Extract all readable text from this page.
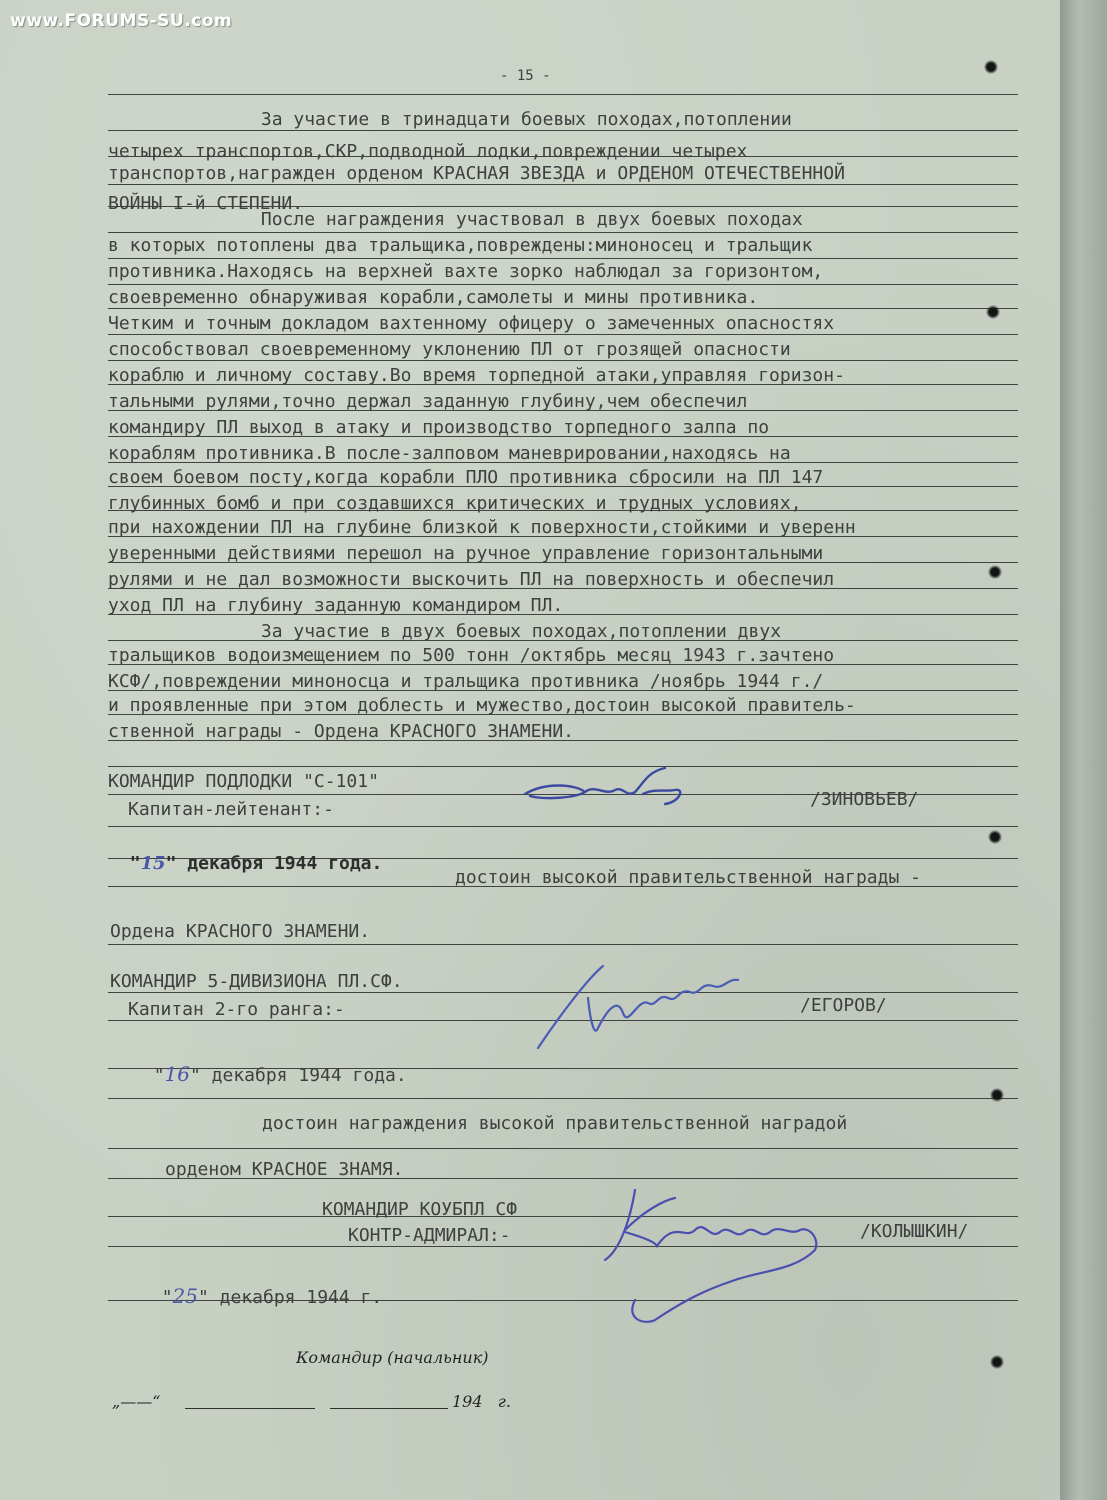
www.FORUMS-SU.com
- 15 -
За участие в тринадцати боевых походах,потоплении
четырех транспортов,СКР,подводной лодки,повреждении четырех
транспортов,награжден орденом КРАСНАЯ ЗВЕЗДА и ОРДЕНОМ ОТЕЧЕСТВЕННОЙ
ВОЙНЫ I-й СТЕПЕНИ.
После награждения участвовал в двух боевых походах
в которых потоплены два тральщика,повреждены:миноносец и тральщик
противника.Находясь на верхней вахте зорко наблюдал за горизонтом,
своевременно обнаруживая корабли,самолеты и мины противника.
Четким и точным докладом вахтенному офицеру о замеченных опасностях
способствовал своевременному уклонению ПЛ от грозящей опасности
кораблю и личному составу.Во время торпедной атаки,управляя горизон-
тальными рулями,точно держал заданную глубину,чем обеспечил
командиру ПЛ выход в атаку и производство торпедного залпа по
кораблям противника.В после-залповом маневрировании,находясь на
своем боевом посту,когда корабли ПЛО противника сбросили на ПЛ 147
глубинных бомб и при создавшихся критических и трудных условиях,
при нахождении ПЛ на глубине близкой к поверхности,стойкими и уверенн
уверенными действиями перешол на ручное управление горизонтальными
рулями и не дал возможности выскочить ПЛ на поверхность и обеспечил
уход ПЛ на глубину заданную командиром ПЛ.
За участие в двух боевых походах,потоплении двух
тральщиков водоизмещением по 500 тонн /октябрь месяц 1943 г.зачтено
КСФ/,повреждении миноносца и тральщика противника /ноябрь 1944 г./
и проявленные при этом доблесть и мужество,достоин высокой правитель-
ственной награды - Ордена КРАСНОГО ЗНАМЕНИ.
КОМАНДИР ПОДЛОДКИ "С-101"
Капитан-лейтенант:-	/ЗИНОВЬЕВ/

"15" декабря 1944 года.

достоин высокой правительственной награды -
Ордена КРАСНОГО ЗНАМЕНИ.
КОМАНДИР 5-ДИВИЗИОНА ПЛ.СФ.
Капитан 2-го ранга:-	/ЕГОРОВ/

"16" декабря 1944 года.

достоин награждения высокой правительственной наградой
орденом КРАСНОЕ ЗНАМЯ.
КОМАНДИР КОУБПЛ СФ
КОНТР-АДМИРАЛ:-	/КОЛЫШКИН/

"25" декабря 1944 г.

Командир (начальник)
„——“	194   г.
